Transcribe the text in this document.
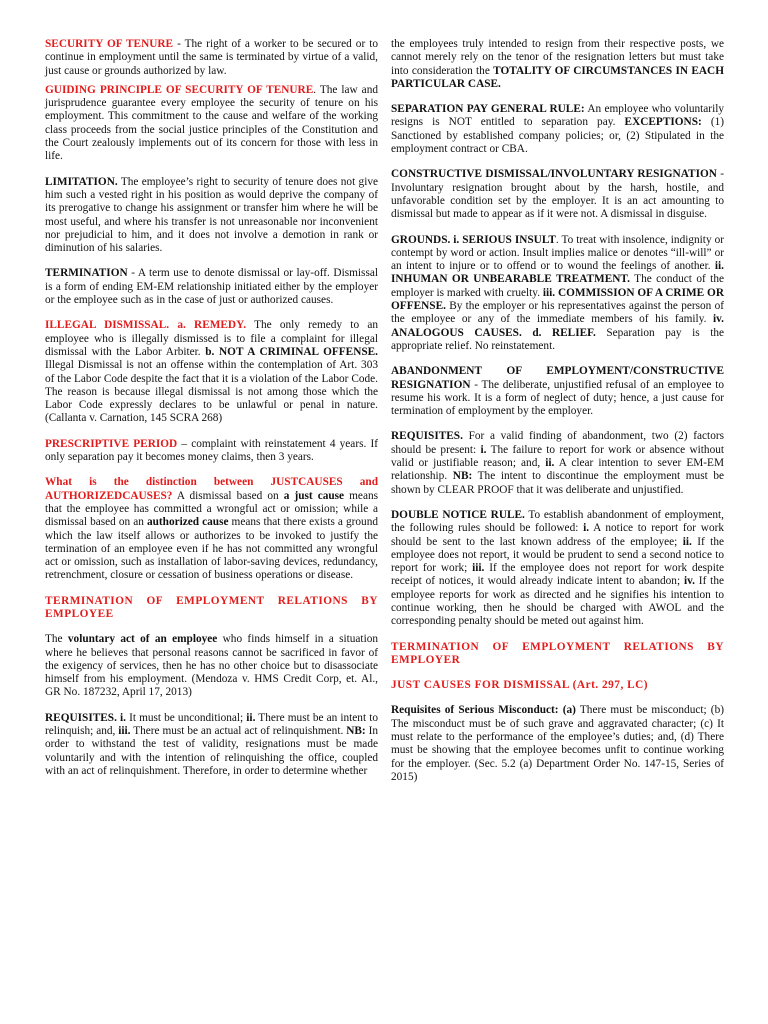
SECURITY OF TENURE - The right of a worker to be secured or to continue in employment until the same is terminated by virtue of a valid, just cause or grounds authorized by law.

GUIDING PRINCIPLE OF SECURITY OF TENURE. The law and jurisprudence guarantee every employee the security of tenure on his employment. This commitment to the cause and welfare of the working class proceeds from the social justice principles of the Constitution and the Court zealously implements out of its concern for those with less in life.

LIMITATION. The employee’s right to security of tenure does not give him such a vested right in his position as would deprive the company of its prerogative to change his assignment or transfer him where he will be most useful, and where his transfer is not unreasonable nor inconvenient nor prejudicial to him, and it does not involve a demotion in rank or diminution of his salaries.

TERMINATION - A term use to denote dismissal or lay-off. Dismissal is a form of ending EM-EM relationship initiated either by the employer or the employee such as in the case of just or authorized causes.

ILLEGAL DISMISSAL. a. REMEDY. The only remedy to an employee who is illegally dismissed is to file a complaint for illegal dismissal with the Labor Arbiter. b. NOT A CRIMINAL OFFENSE. Illegal Dismissal is not an offense within the contemplation of Art. 303 of the Labor Code despite the fact that it is a violation of the Labor Code. The reason is because illegal dismissal is not among those which the Labor Code expressly declares to be unlawful or penal in nature. (Callanta v. Carnation, 145 SCRA 268)

PRESCRIPTIVE PERIOD – complaint with reinstatement 4 years. If only separation pay it becomes money claims, then 3 years.

What is the distinction between JUSTCAUSES and AUTHORIZEDCAUSES? A dismissal based on a just cause means that the employee has committed a wrongful act or omission; while a dismissal based on an authorized cause means that there exists a ground which the law itself allows or authorizes to be invoked to justify the termination of an employee even if he has not committed any wrongful act or omission, such as installation of labor-saving devices, redundancy, retrenchment, closure or cessation of business operations or disease.

TERMINATION OF EMPLOYMENT RELATIONS BY EMPLOYEE

The voluntary act of an employee who finds himself in a situation where he believes that personal reasons cannot be sacrificed in favor of the exigency of services, then he has no other choice but to disassociate himself from his employment. (Mendoza v. HMS Credit Corp, et. Al., GR No. 187232, April 17, 2013)

REQUISITES. i. It must be unconditional; ii. There must be an intent to relinquish; and, iii. There must be an actual act of relinquishment. NB: In order to withstand the test of validity, resignations must be made voluntarily and with the intention of relinquishing the office, coupled with an act of relinquishment. Therefore, in order to determine whether

the employees truly intended to resign from their respective posts, we cannot merely rely on the tenor of the resignation letters but must take into consideration the TOTALITY OF CIRCUMSTANCES IN EACH PARTICULAR CASE.

SEPARATION PAY GENERAL RULE: An employee who voluntarily resigns is NOT entitled to separation pay. EXCEPTIONS: (1) Sanctioned by established company policies; or, (2) Stipulated in the employment contract or CBA.

CONSTRUCTIVE DISMISSAL/INVOLUNTARY RESIGNATION - Involuntary resignation brought about by the harsh, hostile, and unfavorable condition set by the employer. It is an act amounting to dismissal but made to appear as if it were not. A dismissal in disguise.

GROUNDS. i. SERIOUS INSULT. To treat with insolence, indignity or contempt by word or action. Insult implies malice or denotes “ill-will” or an intent to injure or to offend or to wound the feelings of another. ii. INHUMAN OR UNBEARABLE TREATMENT. The conduct of the employer is marked with cruelty. iii. COMMISSION OF A CRIME OR OFFENSE. By the employer or his representatives against the person of the employee or any of the immediate members of his family. iv. ANALOGOUS CAUSES. d. RELIEF. Separation pay is the appropriate relief. No reinstatement.

ABANDONMENT OF EMPLOYMENT/CONSTRUCTIVE RESIGNATION - The deliberate, unjustified refusal of an employee to resume his work. It is a form of neglect of duty; hence, a just cause for termination of employment by the employer.

REQUISITES. For a valid finding of abandonment, two (2) factors should be present: i. The failure to report for work or absence without valid or justifiable reason; and, ii. A clear intention to sever EM-EM relationship. NB: The intent to discontinue the employment must be shown by CLEAR PROOF that it was deliberate and unjustified.

DOUBLE NOTICE RULE. To establish abandonment of employment, the following rules should be followed: i. A notice to report for work should be sent to the last known address of the employee; ii. If the employee does not report, it would be prudent to send a second notice to report for work; iii. If the employee does not report for work despite receipt of notices, it would already indicate intent to abandon; iv. If the employee reports for work as directed and he signifies his intention to continue working, then he should be charged with AWOL and the corresponding penalty should be meted out against him.

TERMINATION OF EMPLOYMENT RELATIONS BY EMPLOYER

JUST CAUSES FOR DISMISSAL (Art. 297, LC)

Requisites of Serious Misconduct: (a) There must be misconduct; (b) The misconduct must be of such grave and aggravated character; (c) It must relate to the performance of the employee’s duties; and, (d) There must be showing that the employee becomes unfit to continue working for the employer. (Sec. 5.2 (a) Department Order No. 147-15, Series of 2015)
